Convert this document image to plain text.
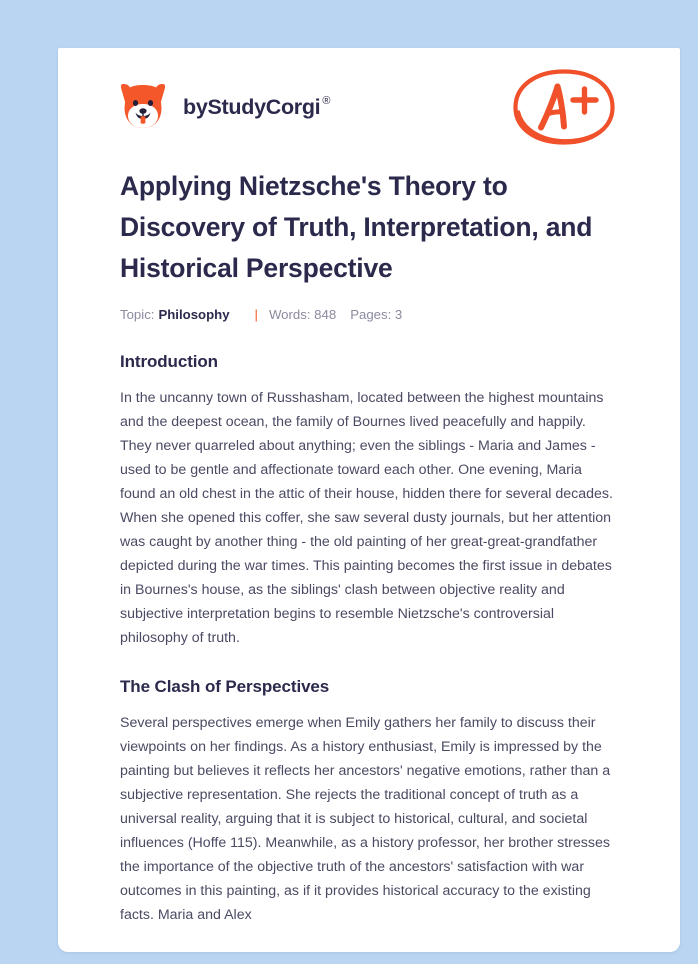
by StudyCorgi ®
Applying Nietzsche's Theory to Discovery of Truth, Interpretation, and Historical Perspective
Topic: Philosophy | Words: 848 Pages: 3
Introduction

In the uncanny town of Russhasham, located between the highest mountains and the deepest ocean, the family of Bournes lived peacefully and happily. They never quarreled about anything; even the siblings - Maria and James - used to be gentle and affectionate toward each other. One evening, Maria found an old chest in the attic of their house, hidden there for several decades. When she opened this coffer, she saw several dusty journals, but her attention was caught by another thing - the old painting of her great-great-grandfather depicted during the war times. This painting becomes the first issue in debates in Bournes's house, as the siblings' clash between objective reality and subjective interpretation begins to resemble Nietzsche's controversial philosophy of truth.

The Clash of Perspectives

Several perspectives emerge when Emily gathers her family to discuss their viewpoints on her findings. As a history enthusiast, Emily is impressed by the painting but believes it reflects her ancestors' negative emotions, rather than a subjective representation. She rejects the traditional concept of truth as a universal reality, arguing that it is subject to historical, cultural, and societal influences (Hoffe 115). Meanwhile, as a history professor, her brother stresses the importance of the objective truth of the ancestors' satisfaction with war outcomes in this painting, as if it provides historical accuracy to the existing facts. Maria and Alex
